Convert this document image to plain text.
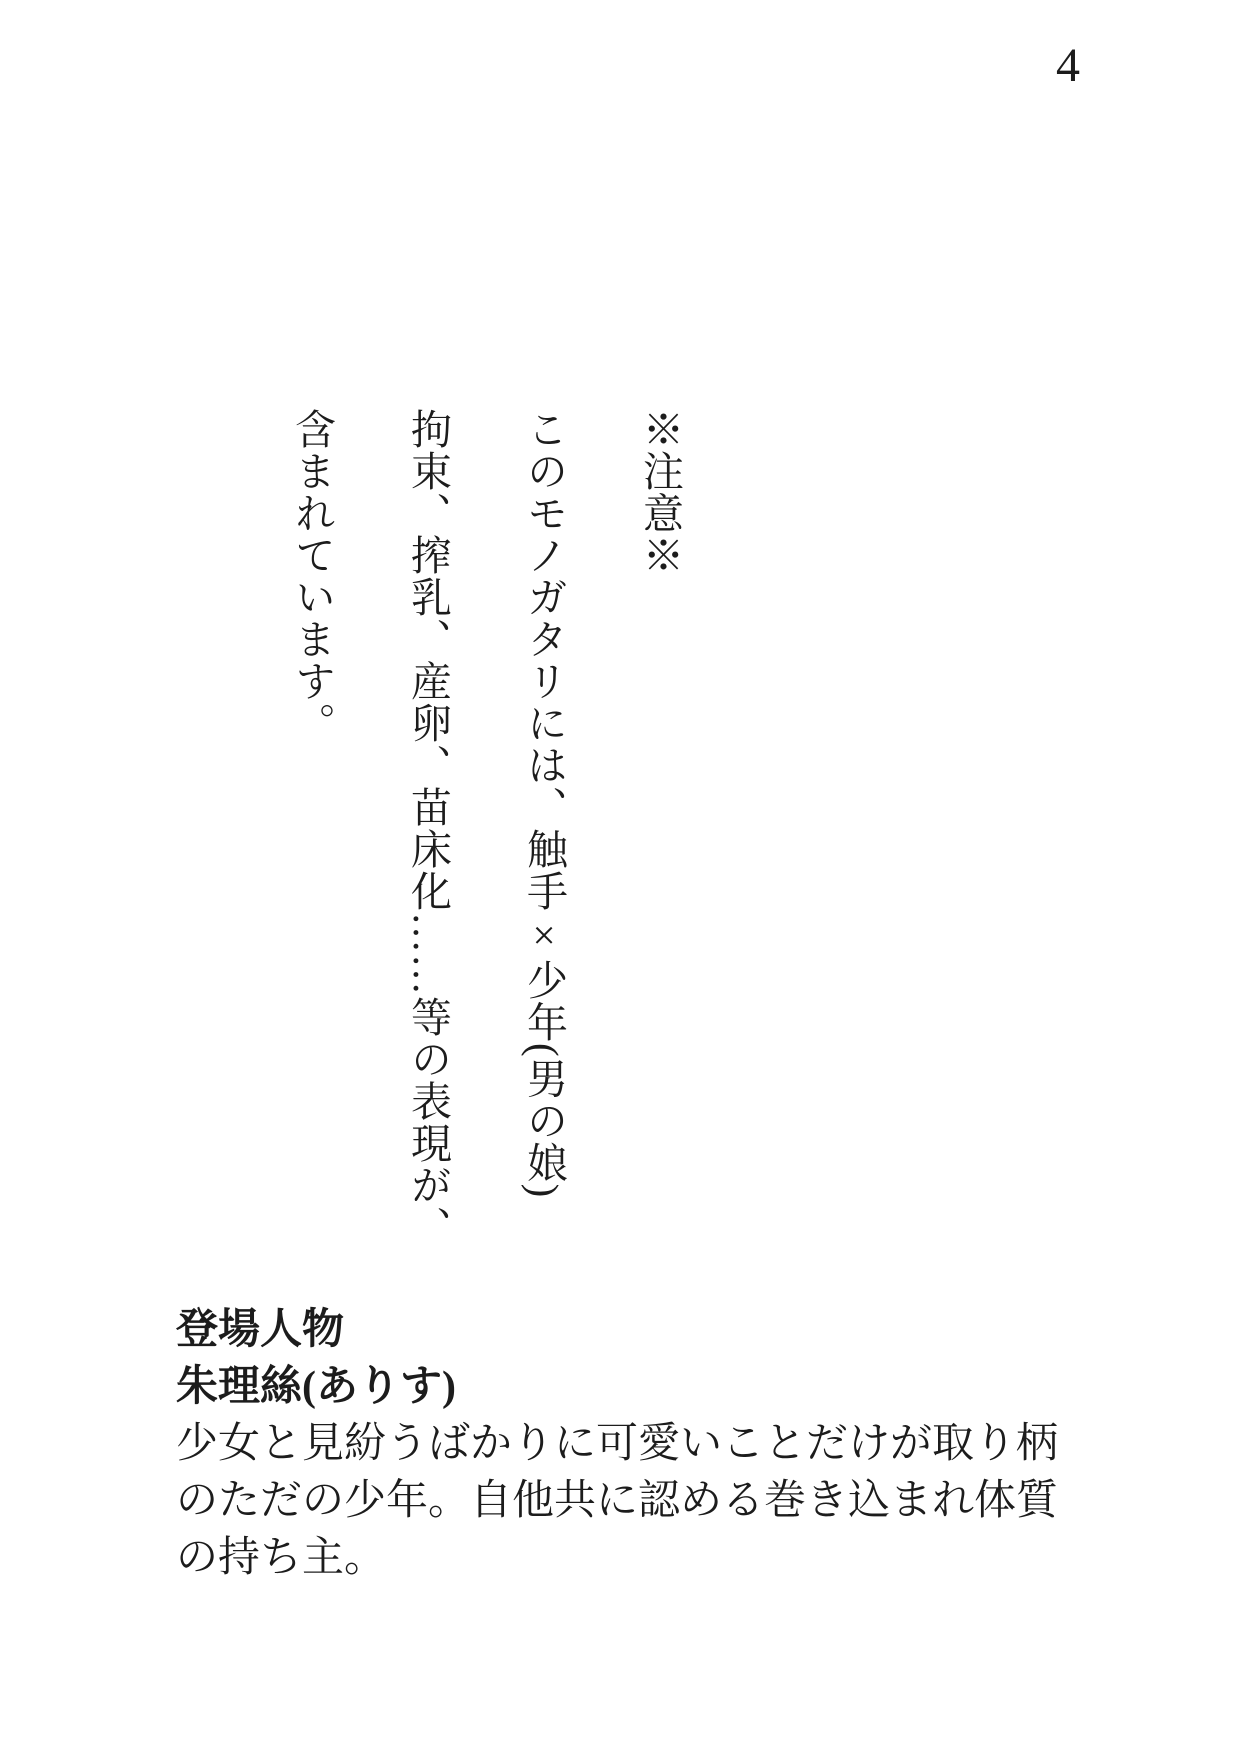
4

※注意※

このモノガタリには、触手×少年(男の娘)

拘束、搾乳、産卵、苗床化……等の表現が、

含まれています。

登場人物
朱理絲(ありす)
少女と見紛うばかりに可愛いことだけが取り柄
のただの少年。自他共に認める巻き込まれ体質
の持ち主。
